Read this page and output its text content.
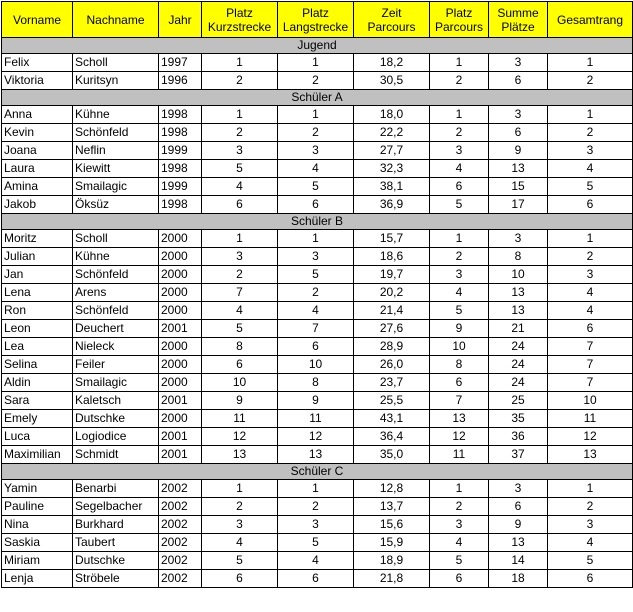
Vorname	Nachname	Jahr	Platz Kurzstrecke	Platz Langstrecke	Zeit Parcours	Platz Parcours	Summe Plätze	Gesamtrang
Jugend								
Felix	Scholl	1997	1	1	18,2	1	3	1
Viktoria	Kuritsyn	1996	2	2	30,5	2	6	2
Schüler A								
Anna	Kühne	1998	1	1	18,0	1	3	1
Kevin	Schönfeld	1998	2	2	22,2	2	6	2
Joana	Neflin	1999	3	3	27,7	3	9	3
Laura	Kiewitt	1998	5	4	32,3	4	13	4
Amina	Smailagic	1999	4	5	38,1	6	15	5
Jakob	Öksüz	1998	6	6	36,9	5	17	6
Schüler B								
Moritz	Scholl	2000	1	1	15,7	1	3	1
Julian	Kühne	2000	3	3	18,6	2	8	2
Jan	Schönfeld	2000	2	5	19,7	3	10	3
Lena	Arens	2000	7	2	20,2	4	13	4
Ron	Schönfeld	2000	4	4	21,4	5	13	4
Leon	Deuchert	2001	5	7	27,6	9	21	6
Lea	Nieleck	2000	8	6	28,9	10	24	7
Selina	Feiler	2000	6	10	26,0	8	24	7
Aldin	Smailagic	2000	10	8	23,7	6	24	7
Sara	Kaletsch	2001	9	9	25,5	7	25	10
Emely	Dutschke	2000	11	11	43,1	13	35	11
Luca	Logiodice	2001	12	12	36,4	12	36	12
Maximilian	Schmidt	2001	13	13	35,0	11	37	13
Schüler C								
Yamin	Benarbi	2002	1	1	12,8	1	3	1
Pauline	Segelbacher	2002	2	2	13,7	2	6	2
Nina	Burkhard	2002	3	3	15,6	3	9	3
Saskia	Taubert	2002	4	5	15,9	4	13	4
Miriam	Dutschke	2002	5	4	18,9	5	14	5
Lenja	Ströbele	2002	6	6	21,8	6	18	6
